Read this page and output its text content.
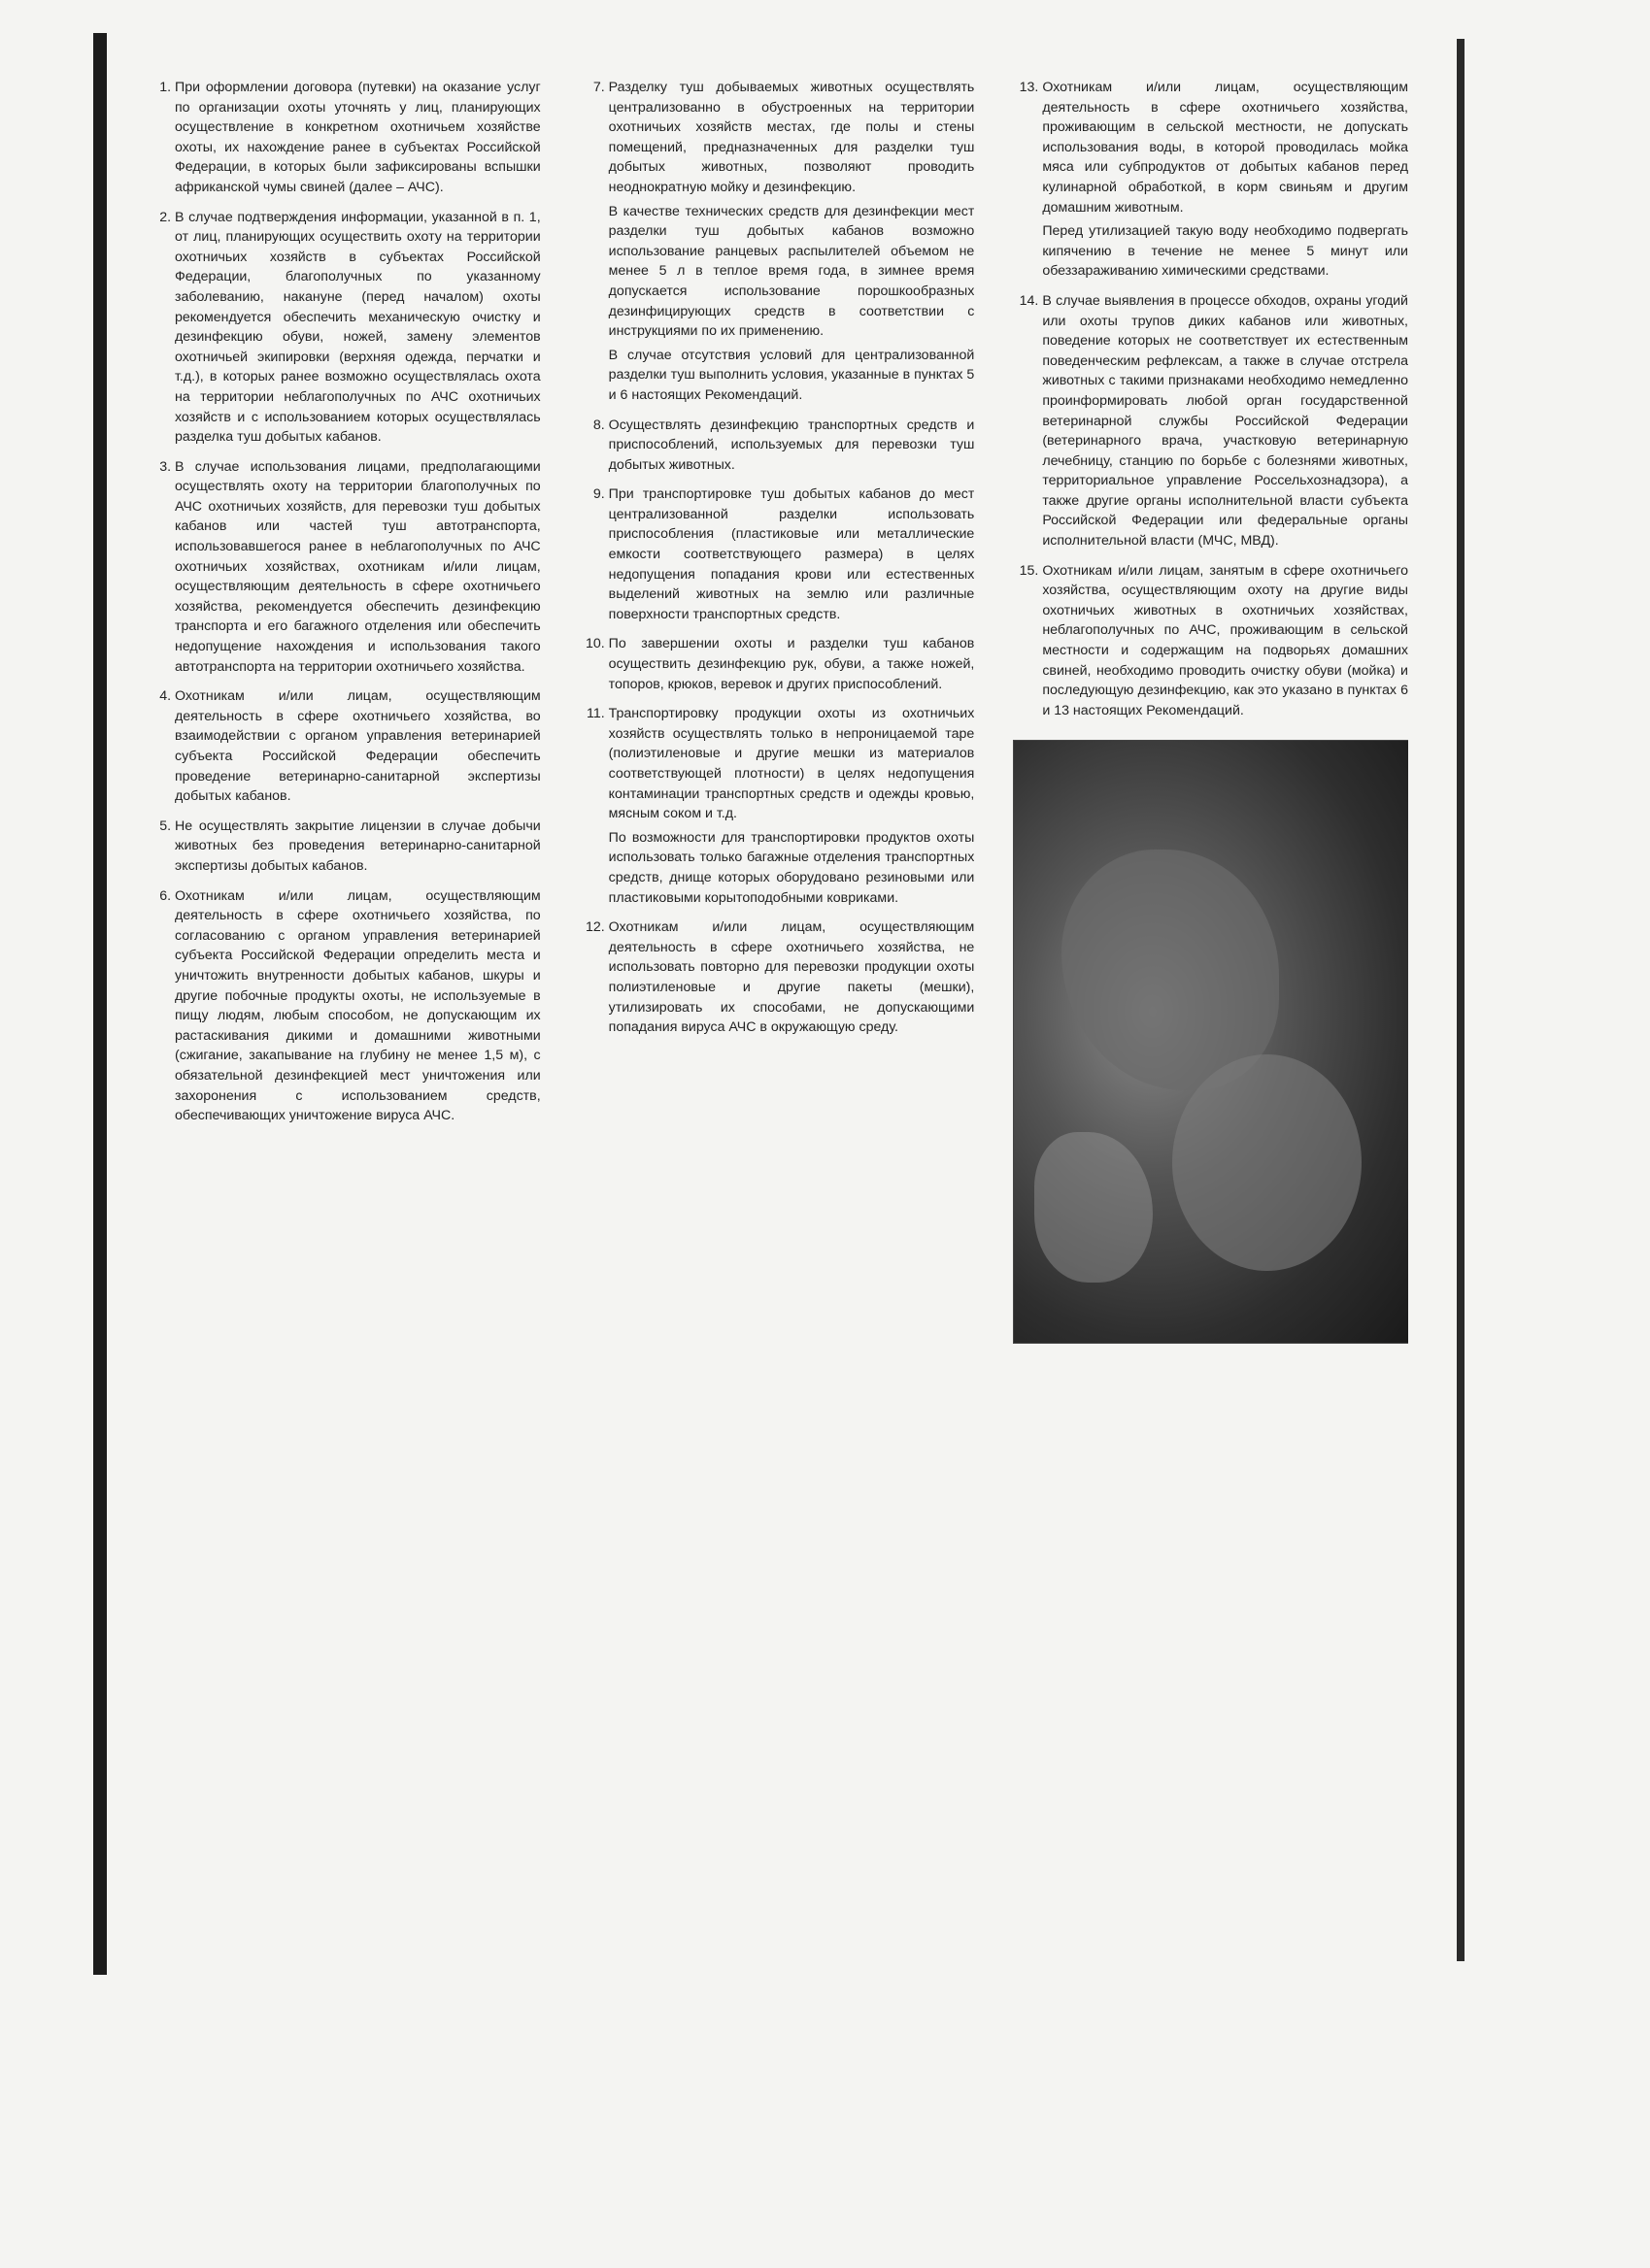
1. При оформлении договора (путевки) на оказание услуг по организации охоты уточнять у лиц, планирующих осуществление в конкретном охотничьем хозяйстве охоты, их нахождение ранее в субъектах Российской Федерации, в которых были зафиксированы вспышки африканской чумы свиней (далее – АЧС).

2. В случае подтверждения информации, указанной в п. 1, от лиц, планирующих осуществить охоту на территории охотничьих хозяйств в субъектах Российской Федерации, благополучных по указанному заболеванию, накануне (перед началом) охоты рекомендуется обеспечить механическую очистку и дезинфекцию обуви, ножей, замену элементов охотничьей экипировки (верхняя одежда, перчатки и т.д.), в которых ранее возможно осуществлялась охота на территории неблагополучных по АЧС охотничьих хозяйств и с использованием которых осуществлялась разделка туш добытых кабанов.

3. В случае использования лицами, предполагающими осуществлять охоту на территории благополучных по АЧС охотничьих хозяйств, для перевозки туш добытых кабанов или частей туш автотранспорта, использовавшегося ранее в неблагополучных по АЧС охотничьих хозяйствах, охотникам и/или лицам, осуществляющим деятельность в сфере охотничьего хозяйства, рекомендуется обеспечить дезинфекцию транспорта и его багажного отделения или обеспечить недопущение нахождения и использования такого автотранспорта на территории охотничьего хозяйства.

4. Охотникам и/или лицам, осуществляющим деятельность в сфере охотничьего хозяйства, во взаимодействии с органом управления ветеринарией субъекта Российской Федерации обеспечить проведение ветеринарно-санитарной экспертизы добытых кабанов.

5. Не осуществлять закрытие лицензии в случае добычи животных без проведения ветеринарно-санитарной экспертизы добытых кабанов.

6. Охотникам и/или лицам, осуществляющим деятельность в сфере охотничьего хозяйства, по согласованию с органом управления ветеринарией субъекта Российской Федерации определить места и уничтожить внутренности добытых кабанов, шкуры и другие побочные продукты охоты, не используемые в пищу людям, любым способом, не допускающим их растаскивания дикими и домашними животными (сжигание, закапывание на глубину не менее 1,5 м), с обязательной дезинфекцией мест уничтожения или захоронения с использованием средств, обеспечивающих уничтожение вируса АЧС.

7. Разделку туш добываемых животных осуществлять централизованно в обустроенных на территории охотничьих хозяйств местах, где полы и стены помещений, предназначенных для разделки туш добытых животных, позволяют проводить неоднократную мойку и дезинфекцию.

В качестве технических средств для дезинфекции мест разделки туш добытых кабанов возможно использование ранцевых распылителей объемом не менее 5 л в теплое время года, в зимнее время допускается использование порошкообразных дезинфицирующих средств в соответствии с инструкциями по их применению.

В случае отсутствия условий для централизованной разделки туш выполнить условия, указанные в пунктах 5 и 6 настоящих Рекомендаций.

8. Осуществлять дезинфекцию транспортных средств и приспособлений, используемых для перевозки туш добытых животных.

9. При транспортировке туш добытых кабанов до мест централизованной разделки использовать приспособления (пластиковые или металлические емкости соответствующего размера) в целях недопущения попадания крови или естественных выделений животных на землю или различные поверхности транспортных средств.

10. По завершении охоты и разделки туш кабанов осуществить дезинфекцию рук, обуви, а также ножей, топоров, крюков, веревок и других приспособлений.

11. Транспортировку продукции охоты из охотничьих хозяйств осуществлять только в непроницаемой таре (полиэтиленовые и другие мешки из материалов соответствующей плотности) в целях недопущения контаминации транспортных средств и одежды кровью, мясным соком и т.д.

По возможности для транспортировки продуктов охоты использовать только багажные отделения транспортных средств, днище которых оборудовано резиновыми или пластиковыми корытоподобными ковриками.

12. Охотникам и/или лицам, осуществляющим деятельность в сфере охотничьего хозяйства, не использовать повторно для перевозки продукции охоты полиэтиленовые и другие пакеты (мешки), утилизировать их способами, не допускающими попадания вируса АЧС в окружающую среду.

13. Охотникам и/или лицам, осуществляющим деятельность в сфере охотничьего хозяйства, проживающим в сельской местности, не допускать использования воды, в которой проводилась мойка мяса или субпродуктов от добытых кабанов перед кулинарной обработкой, в корм свиньям и другим домашним животным.

Перед утилизацией такую воду необходимо подвергать кипячению в течение не менее 5 минут или обеззараживанию химическими средствами.

14. В случае выявления в процессе обходов, охраны угодий или охоты трупов диких кабанов или животных, поведение которых не соответствует их естественным поведенческим рефлексам, а также в случае отстрела животных с такими признаками необходимо немедленно проинформировать любой орган государственной ветеринарной службы Российской Федерации (ветеринарного врача, участковую ветеринарную лечебницу, станцию по борьбе с болезнями животных, территориальное управление Россельхознадзора), а также другие органы исполнительной власти субъекта Российской Федерации или федеральные органы исполнительной власти (МЧС, МВД).

15. Охотникам и/или лицам, занятым в сфере охотничьего хозяйства, осуществляющим охоту на другие виды охотничьих животных в охотничьих хозяйствах, неблагополучных по АЧС, проживающим в сельской местности и содержащим на подворьях домашних свиней, необходимо проводить очистку обуви (мойка) и последующую дезинфекцию, как это указано в пунктах 6 и 13 настоящих Рекомендаций.
